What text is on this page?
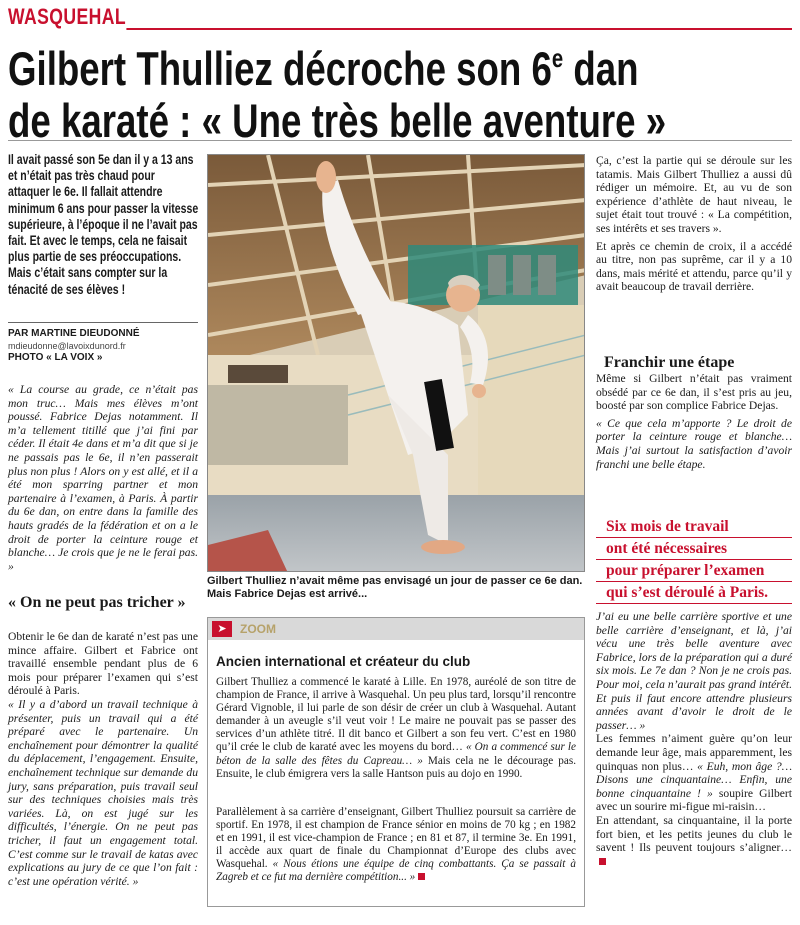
WASQUEHAL
Gilbert Thulliez décroche son 6e dan
de karaté : « Une très belle aventure »
Il avait passé son 5e dan il y a 13 ans et n’était pas très chaud pour attaquer le 6e. Il fallait attendre minimum 6 ans pour passer la vitesse supérieure, à l’époque il ne l’avait pas fait. Et avec le temps, cela ne faisait plus partie de ses préoccupations. Mais c’était sans compter sur la ténacité de ses élèves !
PAR MARTINE DIEUDONNÉ
mdieudonne@lavoixdunord.fr
PHOTO « LA VOIX »
« La course au grade, ce n’était pas mon truc… Mais mes élèves m’ont poussé. Fabrice Dejas notamment. Il m’a tellement titillé que j’ai fini par céder. Il était 4e dans et m’a dit que si je ne passais pas le 6e, il n’en passerait plus non plus ! Alors on y est allé, et il a été mon sparring partner et mon partenaire à l’examen, à Paris. À partir du 6e dan, on entre dans la famille des hauts gradés de la fédération et on a le droit de porter la ceinture rouge et blanche… Je crois que je ne le ferai pas. »
« On ne peut pas tricher »
Obtenir le 6e dan de karaté n’est pas une mince affaire. Gilbert et Fabrice ont travaillé ensemble pendant plus de 6 mois pour préparer l’examen qui s’est déroulé à Paris.
« Il y a d’abord un travail technique à présenter, puis un travail qui a été préparé avec le partenaire. Un enchaînement pour démontrer la qualité du déplacement, l’engagement. Ensuite, enchaînement technique sur demande du jury, sans préparation, puis travail seul sur des techniques choisies mais très variées. Là, on est jugé sur les difficultés, l’énergie. On ne peut pas tricher, il faut un engagement total. C’est comme sur le travail de katas avec explications au jury de ce que l’on fait : c’est une opération vérité. »
Gilbert Thulliez n’avait même pas envisagé un jour de passer ce 6e dan. Mais Fabrice Dejas est arrivé...
➤	ZOOM
Ancien international et créateur du club
Gilbert Thulliez a commencé le karaté à Lille. En 1978, auréolé de son titre de champion de France, il arrive à Wasquehal. Un peu plus tard, lorsqu’il rencontre Gérard Vignoble, il lui parle de son désir de créer un club à Wasquehal. Autant demander à un aveugle s’il veut voir ! Le maire ne pouvait pas se passer des services d’un athlète titré. Il dit banco et Gilbert a son feu vert. C’est en 1980 qu’il crée le club de karaté avec les moyens du bord… « On a commencé sur le béton de la salle des fêtes du Capreau… » Mais cela ne le décourage pas. Ensuite, le club émigrera vers la salle Hantson puis au dojo en 1990.
Parallèlement à sa carrière d’enseignant, Gilbert Thulliez poursuit sa carrière de sportif. En 1978, il est champion de France sénior en moins de 70 kg ; en 1982 et en 1991, il est vice-champion de France ; en 81 et 87, il termine 3e. En 1991, il accède aux quart de finale du Championnat d’Europe des clubs avec Wasquehal. « Nous étions une équipe de cinq combattants. Ça se passait à Zagreb et ce fut ma dernière compétition... »
Ça, c’est la partie qui se déroule sur les tatamis. Mais Gilbert Thulliez a aussi dû rédiger un mémoire. Et, au vu de son expérience d’athlète de haut niveau, le sujet était tout trouvé : « La compétition, ses intérêts et ses travers ».
Et après ce chemin de croix, il a accédé au titre, non pas suprême, car il y a 10 dans, mais mérité et attendu, parce qu’il y avait beaucoup de travail derrière.
Franchir une étape
Même si Gilbert n’était pas vraiment obsédé par ce 6e dan, il s’est pris au jeu, boosté par son complice Fabrice Dejas.
« Ce que cela m’apporte ? Le droit de porter la ceinture rouge et blanche… Mais j’ai surtout la satisfaction d’avoir franchi une belle étape.
Six mois de travail
ont été nécessaires
pour préparer l’examen
qui s’est déroulé à Paris.
J’ai eu une belle carrière sportive et une belle carrière d’enseignant, et là, j’ai vécu une très belle aventure avec Fabrice, lors de la préparation qui a duré six mois. Le 7e dan ? Non je ne crois pas. Pour moi, cela n’aurait pas grand intérêt. Et puis il faut encore attendre plusieurs années avant d’avoir le droit de le passer… »
Les femmes n’aiment guère qu’on leur demande leur âge, mais apparemment, les quinquas non plus… « Euh, mon âge ?… Disons une cinquantaine… Enfin, une bonne cinquantaine ! » soupire Gilbert avec un sourire mi-figue mi-raisin…
En attendant, sa cinquantaine, il la porte fort bien, et les petits jeunes du club le savent ! Ils peuvent toujours s’aligner…
